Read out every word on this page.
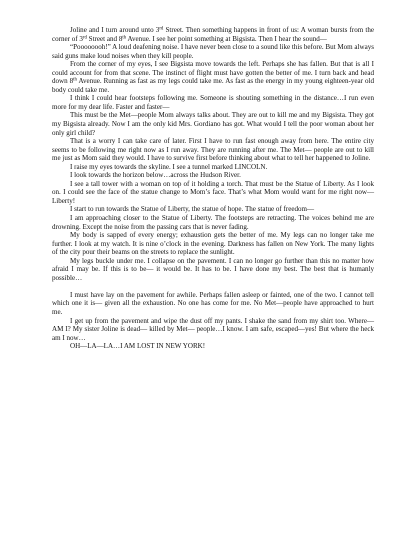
Joline and I turn around unto 3rd Street. Then something happens in front of us: A woman bursts from the corner of 3rd Street and 8th Avenue. I see her point something at Bigsista. Then I hear the sound—

“Poooooooh!” A loud deafening noise. I have never been close to a sound like this before. But Mom always said guns make loud noises when they kill people.

From the corner of my eyes, I see Bigsista move towards the left. Perhaps she has fallen. But that is all I could account for from that scene. The instinct of flight must have gotten the better of me. I turn back and head down 8th Avenue. Running as fast as my legs could take me. As fast as the energy in my young eighteen-year old body could take me.

I think I could hear footsteps following me. Someone is shouting something in the distance…I run even more for my dear life. Faster and faster—

This must be the Met—people Mom always talks about. They are out to kill me and my Bigsista. They got my Bigsista already. Now I am the only kid Mrs. Gordiano has got. What would I tell the poor woman about her only girl child?

That is a worry I can take care of later. First I have to run fast enough away from here. The entire city seems to be following me right now as I run away. They are running after me. The Met— people are out to kill me just as Mom said they would. I have to survive first before thinking about what to tell her happened to Joline.

I raise my eyes towards the skyline. I see a tunnel marked LINCOLN.

I look towards the horizon below…across the Hudson River.

I see a tall tower with a woman on top of it holding a torch. That must be the Statue of Liberty. As I look on. I could see the face of the statue change to Mom’s face. That’s what Mom would want for me right now—Liberty!

I start to run towards the Statue of Liberty, the statue of hope. The statue of freedom—

I am approaching closer to the Statue of Liberty. The footsteps are retracting. The voices behind me are drowning. Except the noise from the passing cars that is never fading.

My body is sapped of every energy; exhaustion gets the better of me. My legs can no longer take me further. I look at my watch. It is nine o’clock in the evening. Darkness has fallen on New York. The many lights of the city pour their beams on the streets to replace the sunlight.

My legs buckle under me. I collapse on the pavement. I can no longer go further than this no matter how afraid I may be. If this is to be— it would be. It has to be. I have done my best. The best that is humanly possible…

I must have lay on the pavement for awhile. Perhaps fallen asleep or fainted, one of the two. I cannot tell which one it is— given all the exhaustion. No one has come for me. No Met—people have approached to hurt me.

I get up from the pavement and wipe the dust off my pants. I shake the sand from my shirt too. Where— AM I? My sister Joline is dead— killed by Met— people…I know. I am safe, escaped—yes! But where the heck am I now…

OH—LA—LA…I AM LOST IN NEW YORK!
